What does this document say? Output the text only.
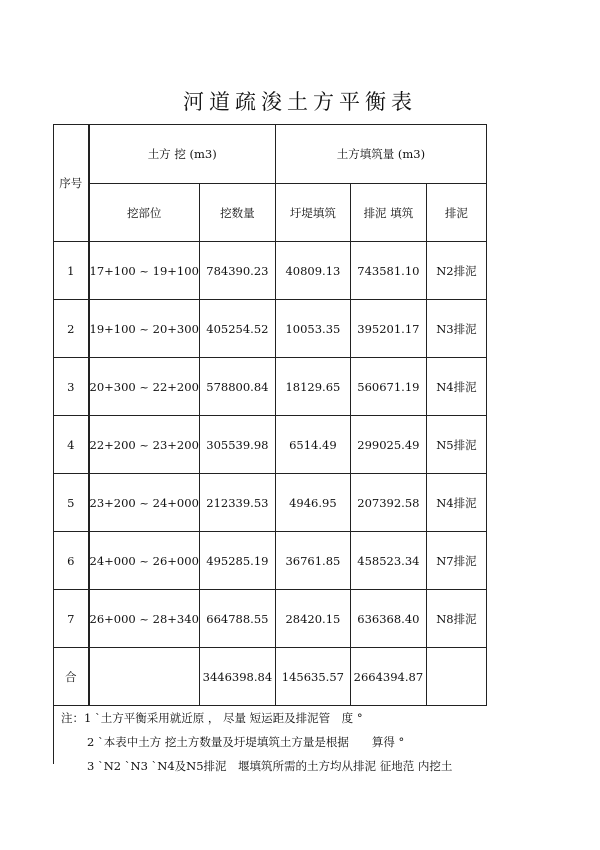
河道疏浚土方平衡表
序号	土方 挖 (m3)		土方填筑量 (m3)		
	挖部位	挖数量	圩堤填筑	排泥 填筑	排泥
1	17+100 ~ 19+100	784390.23	40809.13	743581.10	N2排泥
2	19+100 ~ 20+300	405254.52	10053.35	395201.17	N3排泥
3	20+300 ~ 22+200	578800.84	18129.65	560671.19	N4排泥
4	22+200 ~ 23+200	305539.98	6514.49	299025.49	N5排泥
5	23+200 ~ 24+000	212339.53	4946.95	207392.58	N4排泥
6	24+000 ~ 26+000	495285.19	36761.85	458523.34	N7排泥
7	26+000 ~ 28+340	664788.55	28420.15	636368.40	N8排泥
合		3446398.84	145635.57	2664394.87	
注：1 `土方平衡采用就近原 ， 尽量 短运距及排泥管　度 °
2 `本表中土方 挖土方数量及圩堤填筑土方量是根据　　算得 °
3 `N2 `N3 `N4及N5排泥　堰填筑所需的土方均从排泥 征地范 内挖土
